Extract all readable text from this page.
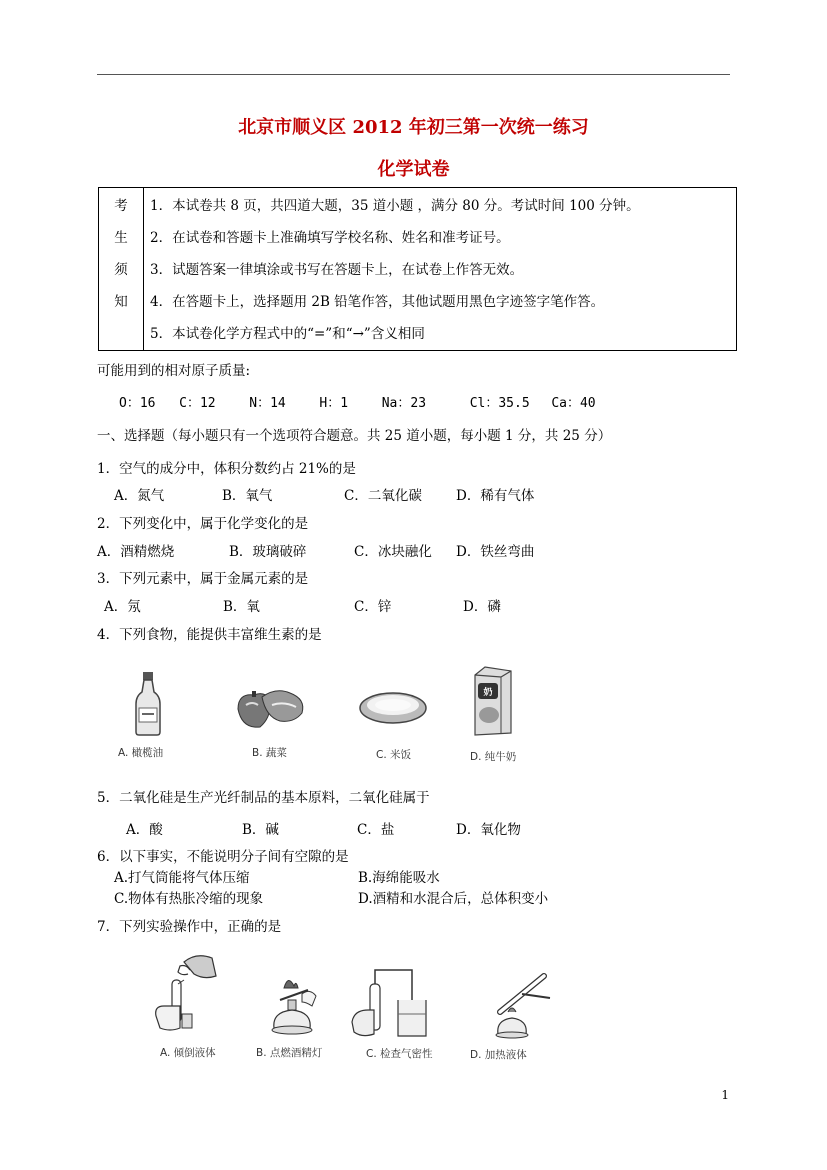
北京市顺义区 2012 年初三第一次统一练习
化学试卷
考
生
须
知

1．本试卷共 8 页，共四道大题，35 道小题 ，满分 80 分。考试时间 100 分钟。
2．在试卷和答题卡上准确填写学校名称、姓名和准考证号。
3．试题答案一律填涂或书写在答题卡上，在试卷上作答无效。
4．在答题卡上，选择题用 2B 铅笔作答，其他试题用黑色字迹签字笔作答。
5．本试卷化学方程式中的“=”和“→”含义相同
可能用到的相对原子质量:
O：16 C：12	N：14	H：1	Na：23	Cl：35.5 Ca：40
一、选择题（每小题只有一个选项符合题意。共 25 道小题，每小题 1 分，共 25 分）
1．空气的成分中，体积分数约占 21%的是
A．氮气	B．氧气	C．二氧化碳	D．稀有气体
2．下列变化中，属于化学变化的是
A．酒精燃烧	B．玻璃破碎	C．冰块融化 D．铁丝弯曲
3．下列元素中，属于金属元素的是
A．氖	B．氧	C．锌	D．磷
4．下列食物，能提供丰富维生素的是
奶
A. 橄榄油	B. 蔬菜	C. 米饭	D. 纯牛奶
5．二氧化硅是生产光纤制品的基本原料，二氧化硅属于
A．酸	B．碱	C．盐	D．氧化物
6．以下事实，不能说明分子间有空隙的是
A.打气筒能将气体压缩	B.海绵能吸水
C.物体有热胀冷缩的现象	D.酒精和水混合后，总体积变小
7．下列实验操作中，正确的是
A. 倾倒液体	B. 点燃酒精灯	C. 检查气密性	D. 加热液体
1
